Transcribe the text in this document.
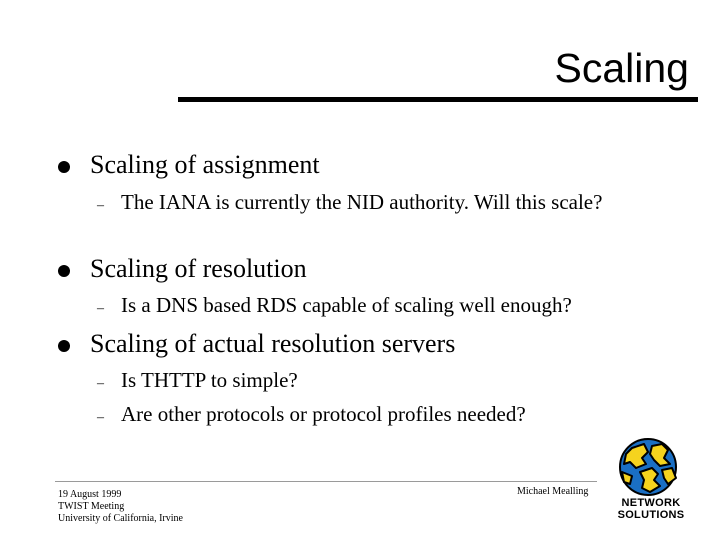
Scaling
Scaling of assignment
– The IANA is currently the NID authority. Will this scale?
Scaling of resolution
– Is a DNS based RDS capable of scaling well enough?
Scaling of actual resolution servers
– Is THTTP to simple?
– Are other protocols or protocol profiles needed?
19 August 1999
TWIST Meeting
University of California, Irvine
Michael Mealling
NETWORK
SOLUTIONS
